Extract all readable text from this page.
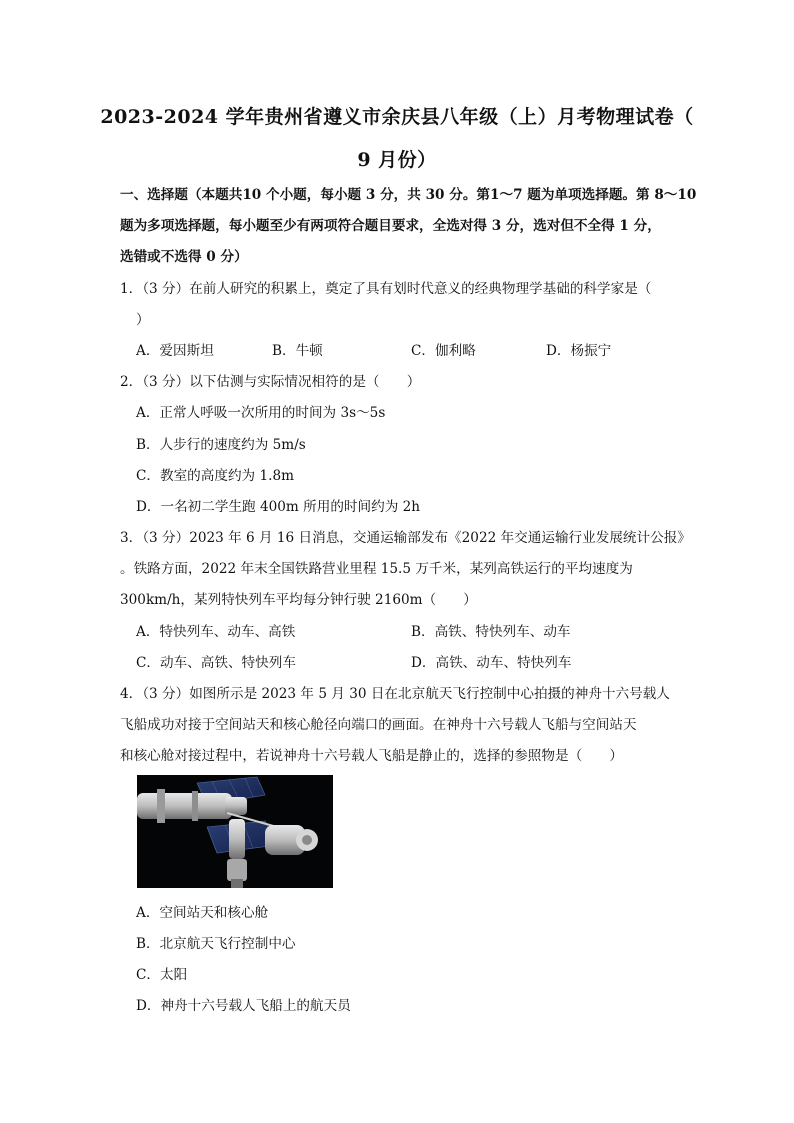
2023-2024 学年贵州省遵义市余庆县八年级（上）月考物理试卷（
9 月份）
一、选择题（本题共10 个小题，每小题 3 分，共 30 分。第1～7 题为单项选择题。第 8～10
题为多项选择题，每小题至少有两项符合题目要求，全选对得 3 分，选对但不全得 1 分，
选错或不选得 0 分）
1．（3 分）在前人研究的积累上，奠定了具有划时代意义的经典物理学基础的科学家是（
）
A．爱因斯坦	B．牛顿	C．伽利略	D．杨振宁
2．（3 分）以下估测与实际情况相符的是（　　）
A．正常人呼吸一次所用的时间为 3s～5s
B．人步行的速度约为 5m/s
C．教室的高度约为 1.8m
D．一名初二学生跑 400m 所用的时间约为 2h
3．（3 分）2023 年 6 月 16 日消息，交通运输部发布《2022 年交通运输行业发展统计公报》
。铁路方面，2022 年末全国铁路营业里程 15.5 万千米，某列高铁运行的平均速度为
300km/h，某列特快列车平均每分钟行驶 2160m（　　）
A．特快列车、动车、高铁	B．高铁、特快列车、动车
C．动车、高铁、特快列车	D．高铁、动车、特快列车
4．（3 分）如图所示是 2023 年 5 月 30 日在北京航天飞行控制中心拍摄的神舟十六号载人
飞船成功对接于空间站天和核心舱径向端口的画面。在神舟十六号载人飞船与空间站天
和核心舱对接过程中，若说神舟十六号载人飞船是静止的，选择的参照物是（　　）
A．空间站天和核心舱
B．北京航天飞行控制中心
C．太阳
D．神舟十六号载人飞船上的航天员
